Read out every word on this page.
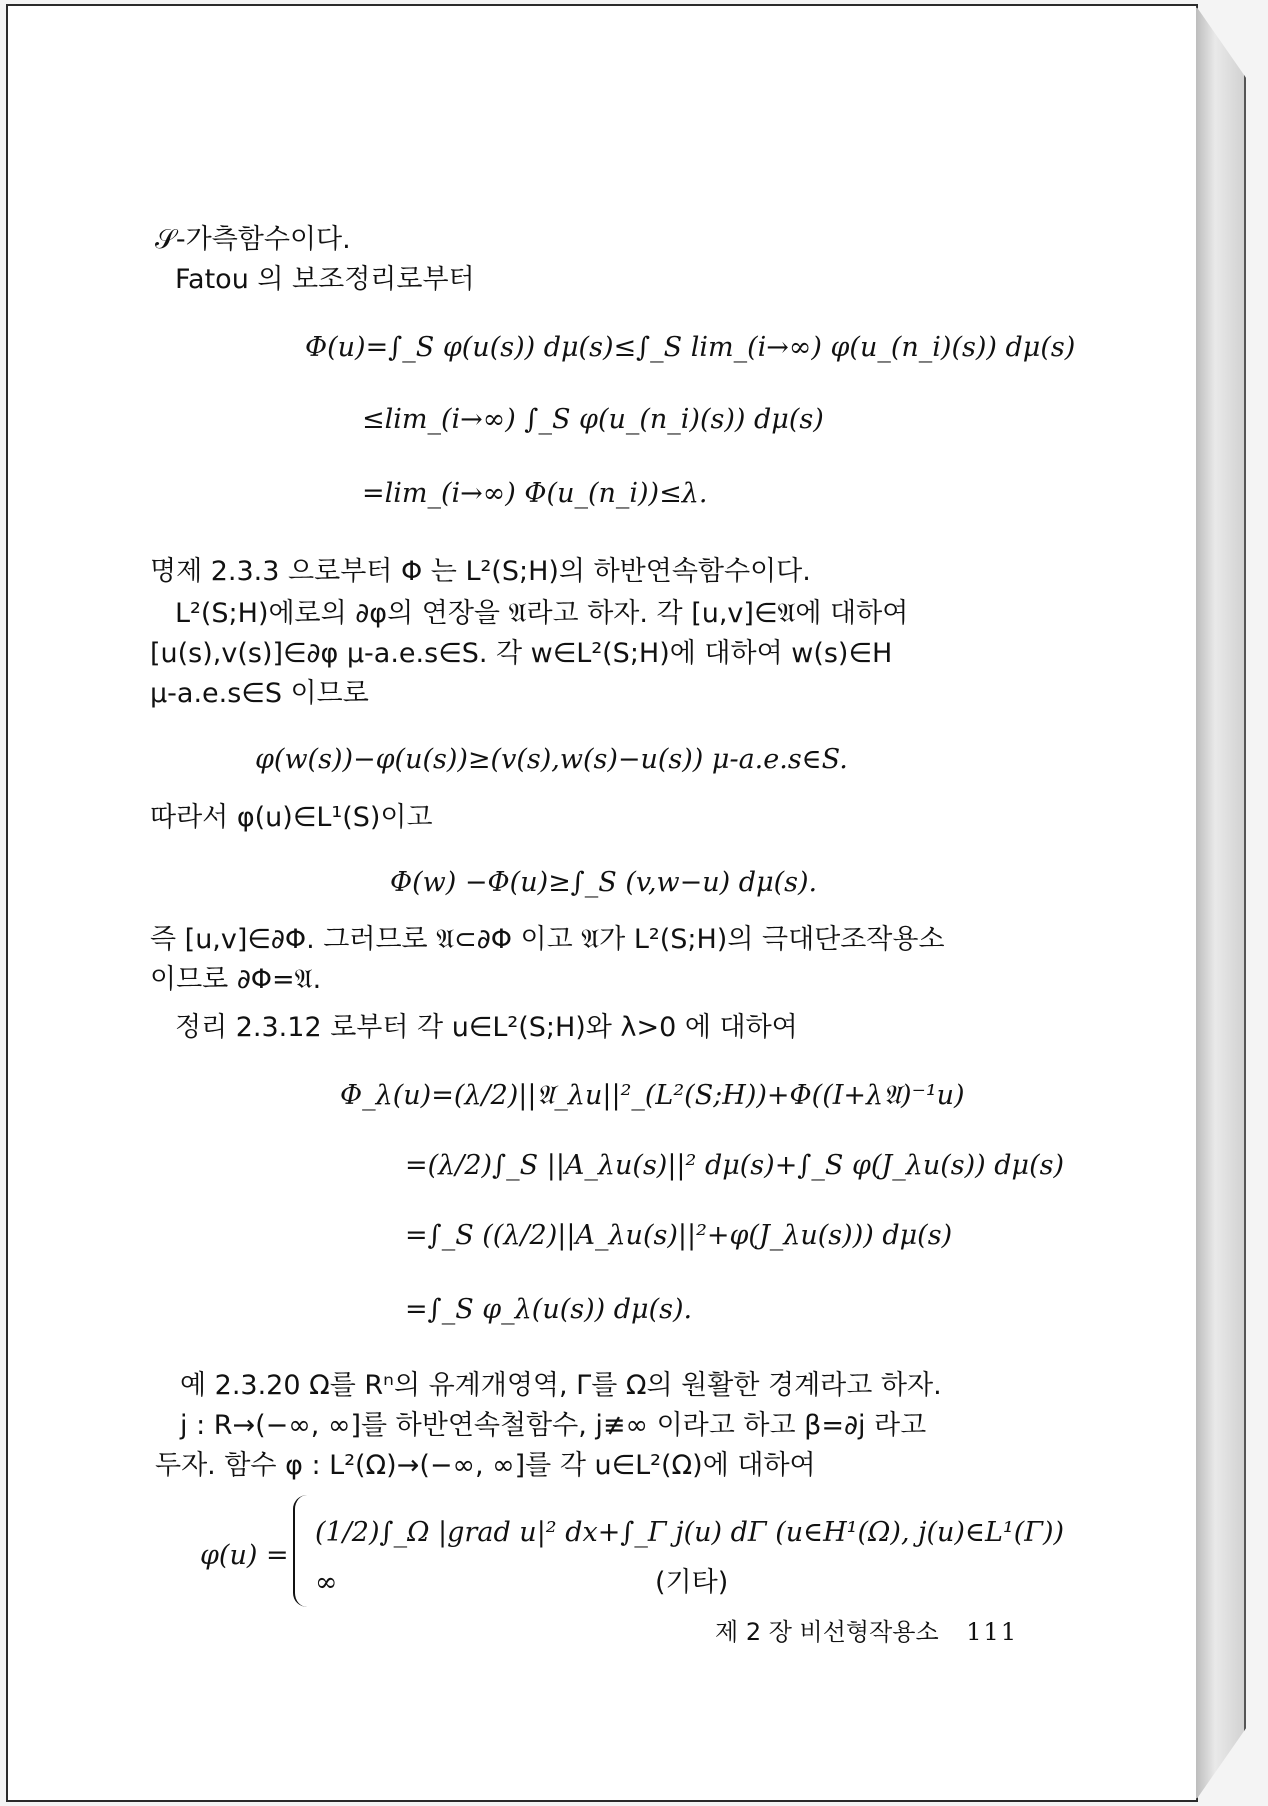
𝒮-가측함수이다.

Fatou 의 보조정리로부터

Φ(u)=∫_S φ(u(s)) dμ(s)≤∫_S lim_(i→∞) φ(u_(n_i)(s)) dμ(s)

≤lim_(i→∞) ∫_S φ(u_(n_i)(s)) dμ(s)

=lim_(i→∞) Φ(u_(n_i))≤λ.

명제 2.3.3 으로부터 Φ 는 L²(S;H)의 하반연속함수이다.

L²(S;H)에로의 ∂φ의 연장을 𝔄라고 하자. 각 [u,v]∈𝔄에 대하여

[u(s),v(s)]∈∂φ μ-a.e.s∈S. 각 w∈L²(S;H)에 대하여 w(s)∈H

μ-a.e.s∈S 이므로

φ(w(s))−φ(u(s))≥(v(s),w(s)−u(s)) μ-a.e.s∈S.

따라서 φ(u)∈L¹(S)이고

Φ(w) −Φ(u)≥∫_S (v,w−u) dμ(s).

즉 [u,v]∈∂Φ. 그러므로 𝔄⊂∂Φ 이고 𝔄가 L²(S;H)의 극대단조작용소

이므로 ∂Φ=𝔄.

정리 2.3.12 로부터 각 u∈L²(S;H)와 λ>0 에 대하여

Φ_λ(u)=(λ/2)||𝔄_λu||²_(L²(S;H))+Φ((I+λ𝔄)⁻¹u)

=(λ/2)∫_S ||A_λu(s)||² dμ(s)+∫_S φ(J_λu(s)) dμ(s)

=∫_S ((λ/2)||A_λu(s)||²+φ(J_λu(s))) dμ(s)

=∫_S φ_λ(u(s)) dμ(s).

예 2.3.20 Ω를 Rⁿ의 유계개영역, Γ를 Ω의 원활한 경계라고 하자.

j : R→(−∞, ∞]를 하반연속철함수, j≢∞ 이라고 하고 β=∂j 라고

두자. 함수 φ : L²(Ω)→(−∞, ∞]를 각 u∈L²(Ω)에 대하여

(1/2)∫_Ω |grad u|² dx+∫_Γ j(u) dΓ (u∈H¹(Ω), j(u)∈L¹(Γ))

φ(u) =

∞	(기타)

제 2 장 비선형작용소 111
